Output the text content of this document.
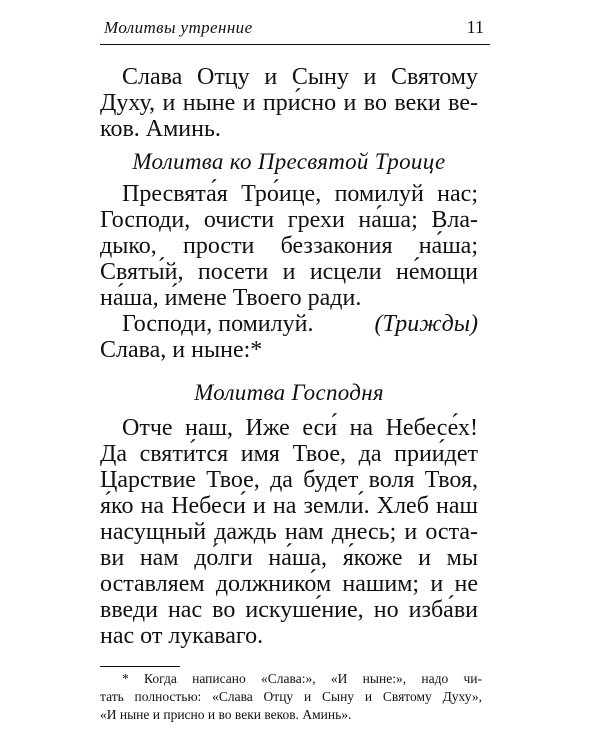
Молитвы утренние	11
Слава Отцу и Сыну и Святому
Духу, и ныне и при́сно и во веки ве-
ков. Аминь.
Молитва ко Пресвятой Троице
Пресвята́я Тро́ице, помилуй нас;
Господи, очисти грехи на́ша; Вла-
дыко, прости беззакония на́ша;
Святы́й, посети и исцели не́мощи
на́ша, и́мене Твоего ради.
Господи, помилуй.	(Трижды)
Слава, и ныне:*
Молитва Господня
Отче наш, Иже еси́ на Небесе́х!
Да святи́тся имя Твое, да прии́дет
Царствие Твое, да будет воля Твоя,
я́ко на Небеси́ и на земли́. Хлеб наш
насущный даждь нам днесь; и оста-
ви нам до́лги на́ша, я́коже и мы
оставляем должнико́м нашим; и не
введи нас во искуше́ние, но изба́ви
нас от лукаваго.
* Когда написано «Слава:», «И ныне:», надо чи-
тать полностью: «Слава Отцу и Сыну и Святому Духу»,
«И ныне и присно и во веки веков. Аминь».
